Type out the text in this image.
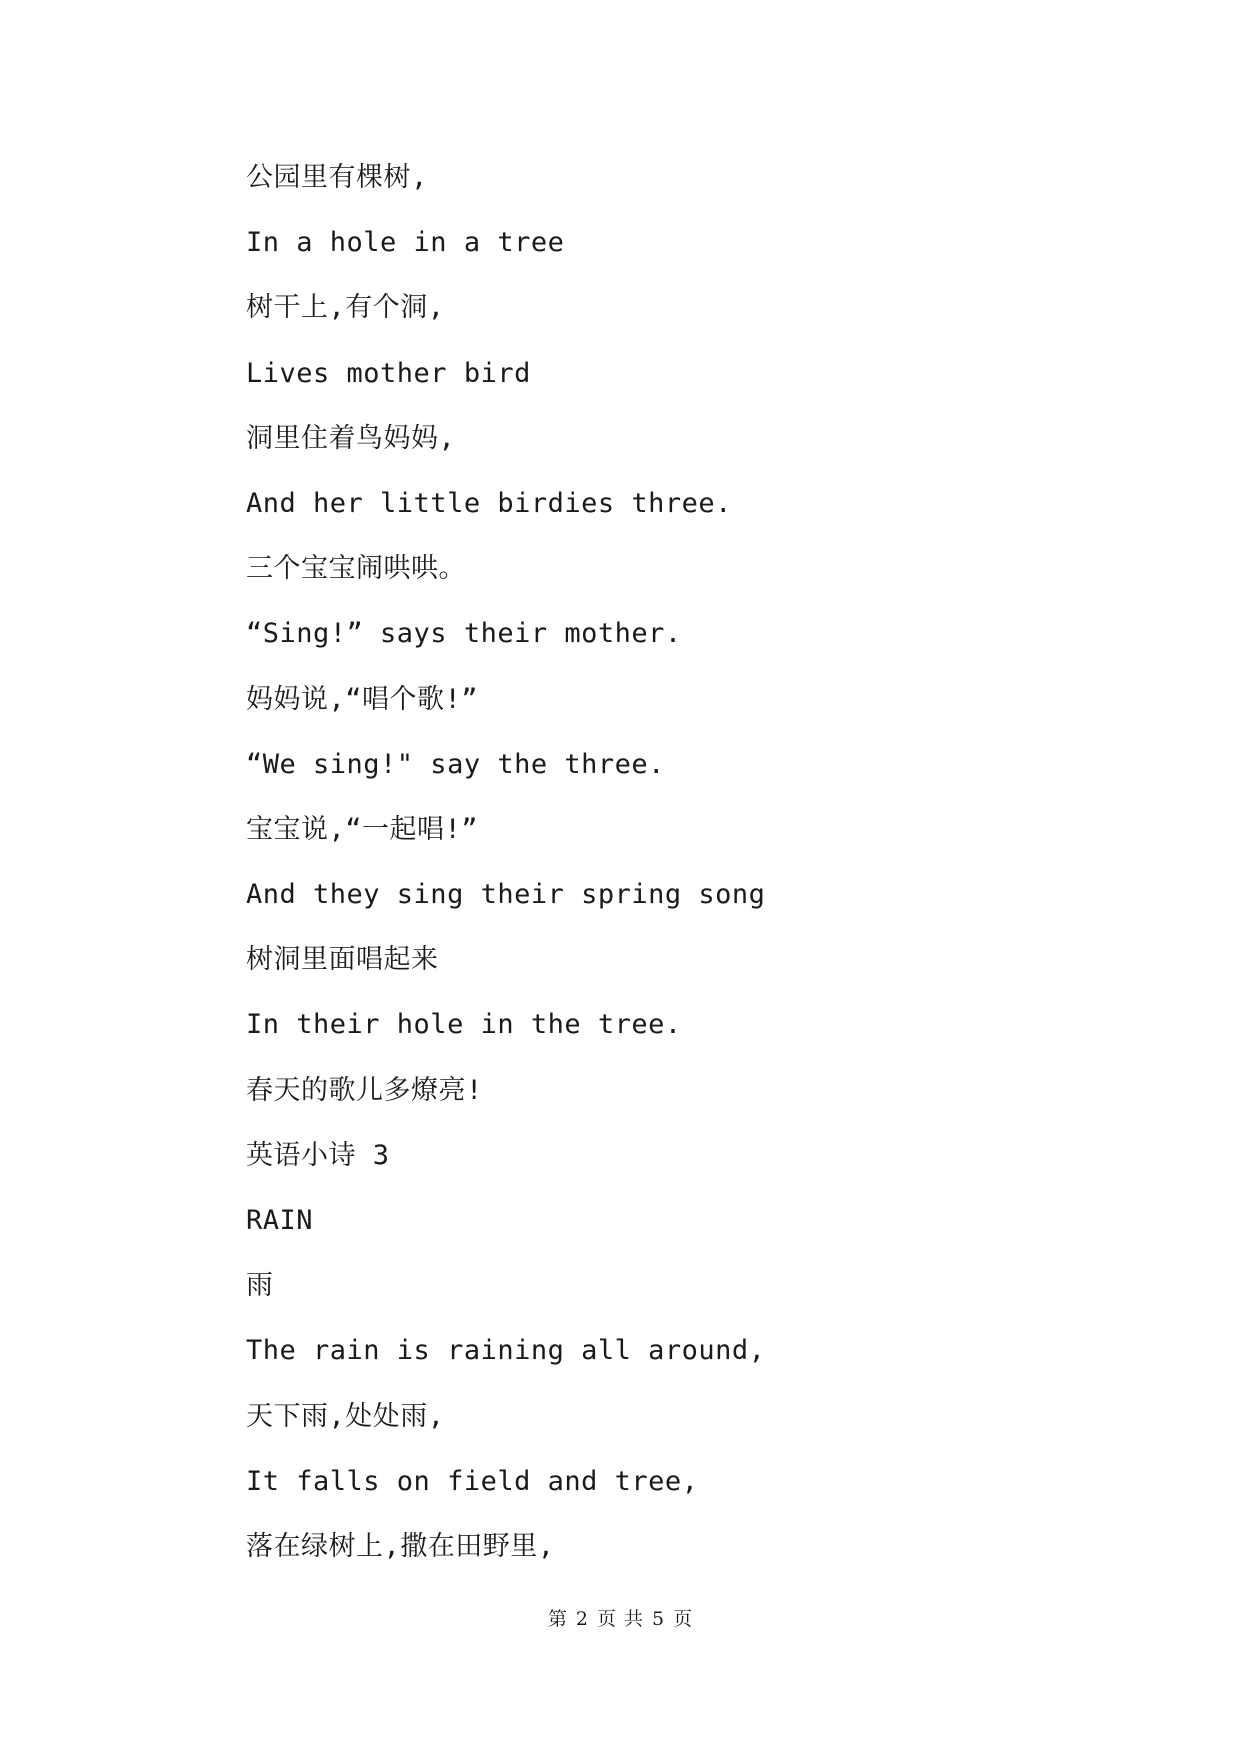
公园里有棵树,
In a hole in a tree
树干上,有个洞,
Lives mother bird
洞里住着鸟妈妈,
And her little birdies three.
三个宝宝闹哄哄。
“Sing!” says their mother.
妈妈说,“唱个歌!”
“We sing!" say the three.
宝宝说,“一起唱!”
And they sing their spring song
树洞里面唱起来
In their hole in the tree.
春天的歌儿多燎亮!
英语小诗 3
RAIN
雨
The rain is raining all around,
天下雨,处处雨,
It falls on field and tree,
落在绿树上,撒在田野里,
第 2 页 共 5 页
